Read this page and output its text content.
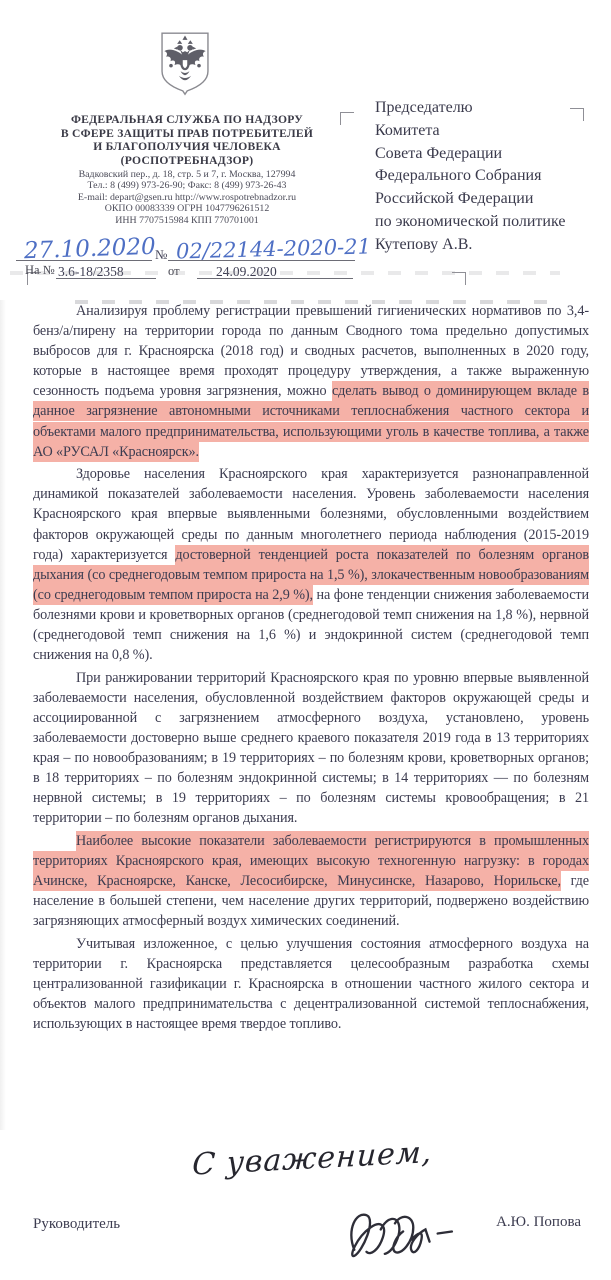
ФЕДЕРАЛЬНАЯ СЛУЖБА ПО НАДЗОРУ
В СФЕРЕ ЗАЩИТЫ ПРАВ ПОТРЕБИТЕЛЕЙ
И БЛАГОПОЛУЧИЯ ЧЕЛОВЕКА
(РОСПОТРЕБНАДЗОР)
Вадковский пер., д. 18, стр. 5 и 7, г. Москва, 127994
Тел.: 8 (499) 973-26-90; Факс: 8 (499) 973-26-43
E-mail: depart@gsen.ru http://www.rospotrebnadzor.ru
ОКПО 00083339 ОГРН 1047796261512
ИНН 7707515984 КПП 770701001
Председателю
Комитета
Совета Федерации
Федерального Собрания
Российской Федерации
по экономической политике
Кутепову А.В.
27.10.2020
№ 02/22144-2020-21
На № 3.6-18/2358	от	24.09.2020

Анализируя проблему регистрации превышений гигиенических нормативов по 3,4-бенз/а/пирену на территории города по данным Сводного тома предельно допустимых выбросов для г. Красноярска (2018 год) и сводных расчетов, выполненных в 2020 году, которые в настоящее время проходят процедуру утверждения, а также выраженную сезонность подъема уровня загрязнения, можно сделать вывод о доминирующем вкладе в данное загрязнение автономными источниками теплоснабжения частного сектора и объектами малого предпринимательства, использующими уголь в качестве топлива, а также АО «РУСАЛ «Красноярск».

Здоровье населения Красноярского края характеризуется разнонаправленной динамикой показателей заболеваемости населения. Уровень заболеваемости населения Красноярского края впервые выявленными болезнями, обусловленными воздействием факторов окружающей среды по данным многолетнего периода наблюдения (2015-2019 года) характеризуется достоверной тенденцией роста показателей по болезням органов дыхания (со среднегодовым темпом прироста на 1,5 %), злокачественным новообразованиям (со среднегодовым темпом прироста на 2,9 %), на фоне тенденции снижения заболеваемости болезнями крови и кроветворных органов (среднегодовой темп снижения на 1,8 %), нервной (среднегодовой темп снижения на 1,6 %) и эндокринной систем (среднегодовой темп снижения на 0,8 %).

При ранжировании территорий Красноярского края по уровню впервые выявленной заболеваемости населения, обусловленной воздействием факторов окружающей среды и ассоциированной с загрязнением атмосферного воздуха, установлено, уровень заболеваемости достоверно выше среднего краевого показателя 2019 года в 13 территориях края – по новообразованиям; в 19 территориях – по болезням крови, кроветворных органов; в 18 территориях – по болезням эндокринной системы; в 14 территориях — по болезням нервной системы; в 19 территориях – по болезням системы кровообращения; в 21 территории – по болезням органов дыхания.

Наиболее высокие показатели заболеваемости регистрируются в промышленных территориях Красноярского края, имеющих высокую техногенную нагрузку: в городах Ачинске, Красноярске, Канске, Лесосибирске, Минусинске, Назарово, Норильске, где население в большей степени, чем население других территорий, подвержено воздействию загрязняющих атмосферный воздух химических соединений.

Учитывая изложенное, с целью улучшения состояния атмосферного воздуха на территории г. Красноярска представляется целесообразным разработка схемы централизованной газификации г. Красноярска в отношении частного жилого сектора и объектов малого предпринимательства с децентрализованной системой теплоснабжения, использующих в настоящее время твердое топливо.

С уважением,
Руководитель	А.Ю. Попова
